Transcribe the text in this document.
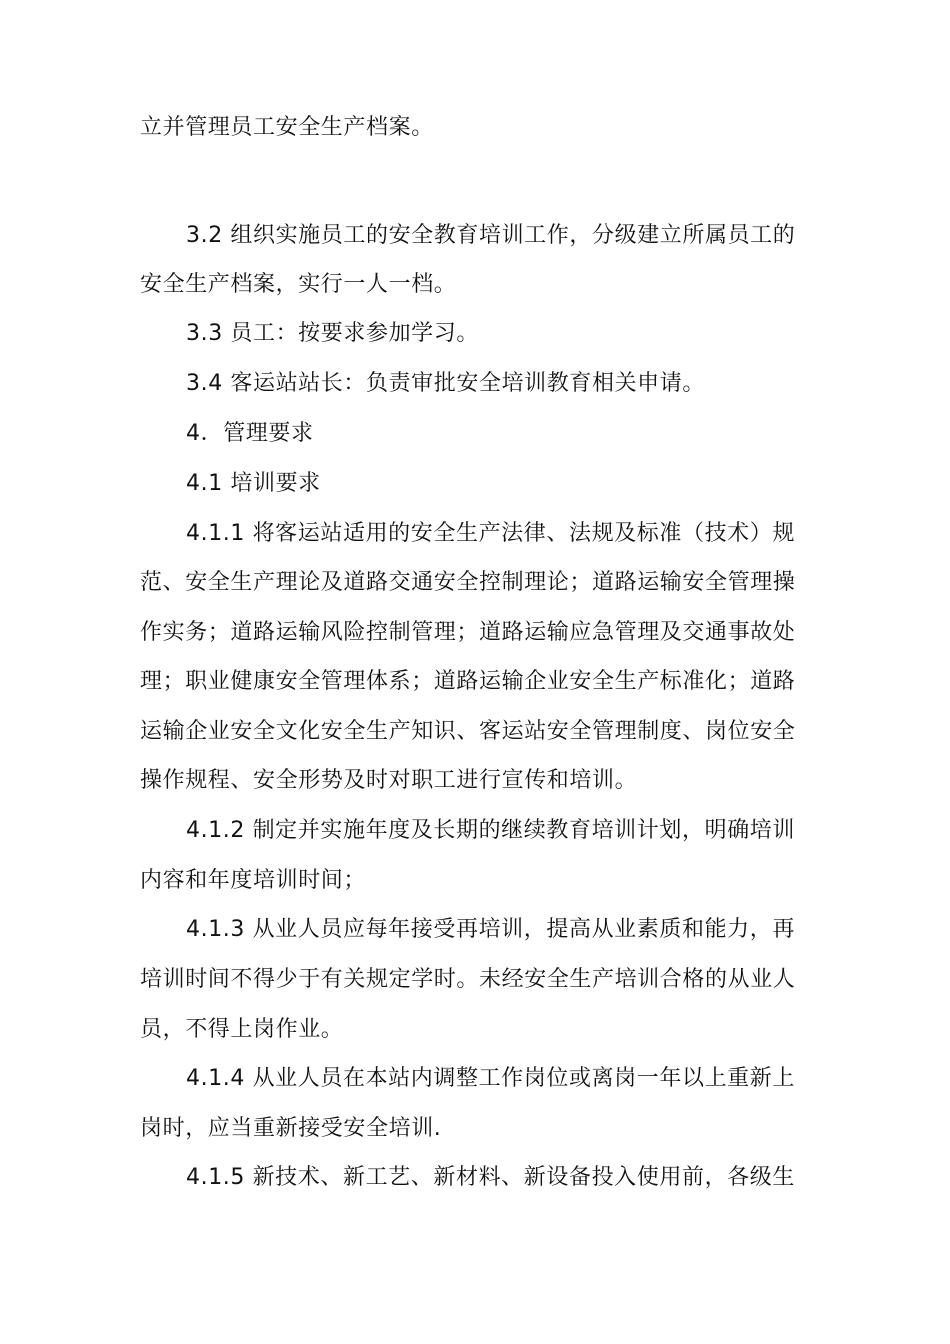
立并管理员工安全生产档案。
3.2 组织实施员工的安全教育培训工作，分级建立所属员工的
安全生产档案，实行一人一档。
3.3 员工：按要求参加学习。
3.4 客运站站长：负责审批安全培训教育相关申请。
4．管理要求
4.1 培训要求
4.1.1 将客运站适用的安全生产法律、法规及标准（技术）规
范、安全生产理论及道路交通安全控制理论；道路运输安全管理操
作实务；道路运输风险控制管理；道路运输应急管理及交通事故处
理；职业健康安全管理体系；道路运输企业安全生产标准化；道路
运输企业安全文化安全生产知识、客运站安全管理制度、岗位安全
操作规程、安全形势及时对职工进行宣传和培训。
4.1.2 制定并实施年度及长期的继续教育培训计划，明确培训
内容和年度培训时间；
4.1.3 从业人员应每年接受再培训，提高从业素质和能力，再
培训时间不得少于有关规定学时。未经安全生产培训合格的从业人
员，不得上岗作业。
4.1.4 从业人员在本站内调整工作岗位或离岗一年以上重新上
岗时，应当重新接受安全培训.
4.1.5 新技术、新工艺、新材料、新设备投入使用前，各级生
